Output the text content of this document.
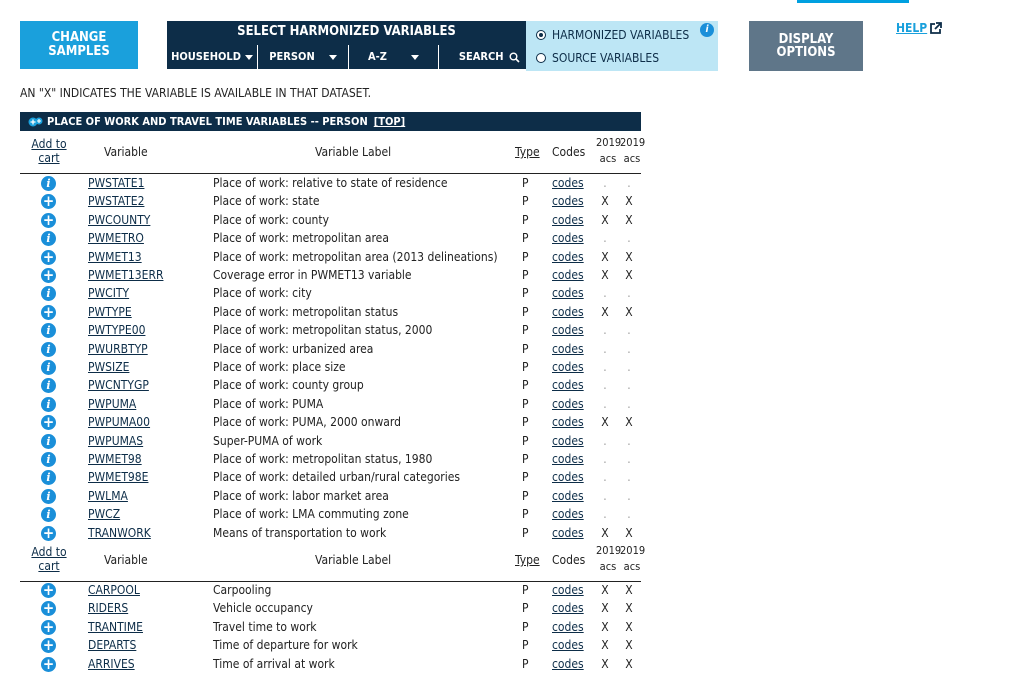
CHANGE SAMPLES
SELECT HARMONIZED VARIABLES
HOUSEHOLD	PERSON	A-Z	SEARCH
HARMONIZED VARIABLES	i
SOURCE VARIABLES
DISPLAY OPTIONS
HELP
AN "X" INDICATES THE VARIABLE IS AVAILABLE IN THAT DATASET.
PLACE OF WORK AND TRAVEL TIME VARIABLES -- PERSON [TOP]
Add to cart	Variable	Variable Label	Type Codes
2019
acs
2019
acs
i	PWSTATE1	Place of work: relative to state of residence	P codes	.	.
+	PWSTATE2	Place of work: state	P codes X X
+	PWCOUNTY	Place of work: county	P codes X X
i	PWMETRO	Place of work: metropolitan area	P codes	.	.
+	PWMET13	Place of work: metropolitan area (2013 delineations) P codes X X
+	PWMET13ERR	Coverage error in PWMET13 variable	P codes X X
i	PWCITY	Place of work: city	P codes	.	.
+	PWTYPE	Place of work: metropolitan status	P codes X X
i	PWTYPE00	Place of work: metropolitan status, 2000	P codes	.	.
i	PWURBTYP	Place of work: urbanized area	P codes	.	.
i	PWSIZE	Place of work: place size	P codes	.	.
i	PWCNTYGP	Place of work: county group	P codes	.	.
i	PWPUMA	Place of work: PUMA	P codes	.	.
+	PWPUMA00	Place of work: PUMA, 2000 onward	P codes X X
i	PWPUMAS	Super-PUMA of work	P codes	.	.
i	PWMET98	Place of work: metropolitan status, 1980	P codes	.	.
i	PWMET98E	Place of work: detailed urban/rural categories	P codes	.	.
i	PWLMA	Place of work: labor market area	P codes	.	.
i	PWCZ	Place of work: LMA commuting zone	P codes	.	.
+	TRANWORK	Means of transportation to work	P codes X X
Add to cart	Variable	Variable Label	Type Codes
2019
acs
2019
acs
+	CARPOOL	Carpooling	P codes X X
+	RIDERS	Vehicle occupancy	P codes X X
+	TRANTIME	Travel time to work	P codes X X
+	DEPARTS	Time of departure for work	P codes X X
+	ARRIVES	Time of arrival at work	P codes X X
